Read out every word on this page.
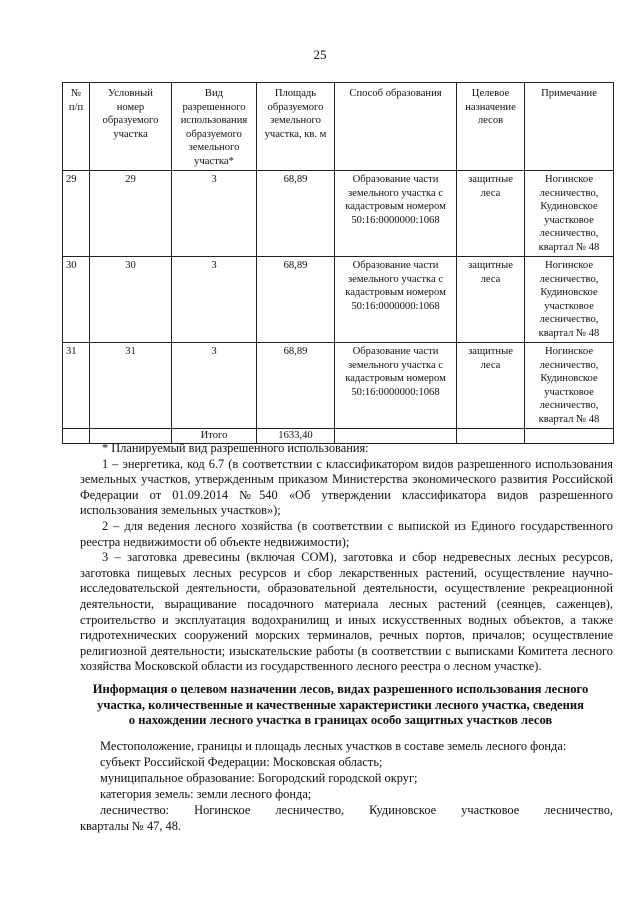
25
№ п/п	Условный номер образуемого участка	Вид разрешенного использования образуемого земельного участка*	Площадь образуемого земельного участка, кв. м	Способ образования	Целевое назначение лесов	Примечание
29	29	3	68,89	Образование части земельного участка с кадастровым номером 50:16:0000000:1068	защитные леса	Ногинское лесничество, Кудиновское участковое лесничество, квартал № 48
30	30	3	68,89	Образование части земельного участка с кадастровым номером 50:16:0000000:1068	защитные леса	Ногинское лесничество, Кудиновское участковое лесничество, квартал № 48
31	31	3	68,89	Образование части земельного участка с кадастровым номером 50:16:0000000:1068	защитные леса	Ногинское лесничество, Кудиновское участковое лесничество, квартал № 48
		Итого	1633,40			

* Планируемый вид разрешенного использования:

1 – энергетика, код 6.7 (в соответствии с классификатором видов разрешенного использования земельных участков, утвержденным приказом Министерства экономического развития Российской Федерации от 01.09.2014 №540 «Об утверждении классификатора видов разрешенного использования земельных участков»);

2 – для ведения лесного хозяйства (в соответствии с выпиской из Единого государственного реестра недвижимости об объекте недвижимости);

3 – заготовка древесины (включая СОМ), заготовка и сбор недревесных лесных ресурсов, заготовка пищевых лесных ресурсов и сбор лекарственных растений, осуществление научно-исследовательской деятельности, образовательной деятельности, осуществление рекреационной деятельности, выращивание посадочного материала лесных растений (сеянцев, саженцев), строительство и эксплуатация водохранилищ и иных искусственных водных объектов, а также гидротехнических сооружений морских терминалов, речных портов, причалов; осуществление религиозной деятельности; изыскательские работы (в соответствии с выписками Комитета лесного хозяйства Московской области из государственного лесного реестра о лесном участке).

Информация о целевом назначении лесов, видах разрешенного использования лесного
участка, количественные и качественные характеристики лесного участка, сведения
о нахождении лесного участка в границах особо защитных участков лесов

Местоположение, границы и площадь лесных участков в составе земель лесного фонда:

субъект Российской Федерации: Московская область;

муниципальное образование: Богородский городской округ;

категория земель: земли лесного фонда;

лесничество: Ногинское лесничество, Кудиновское участковое лесничество,

кварталы № 47, 48.
